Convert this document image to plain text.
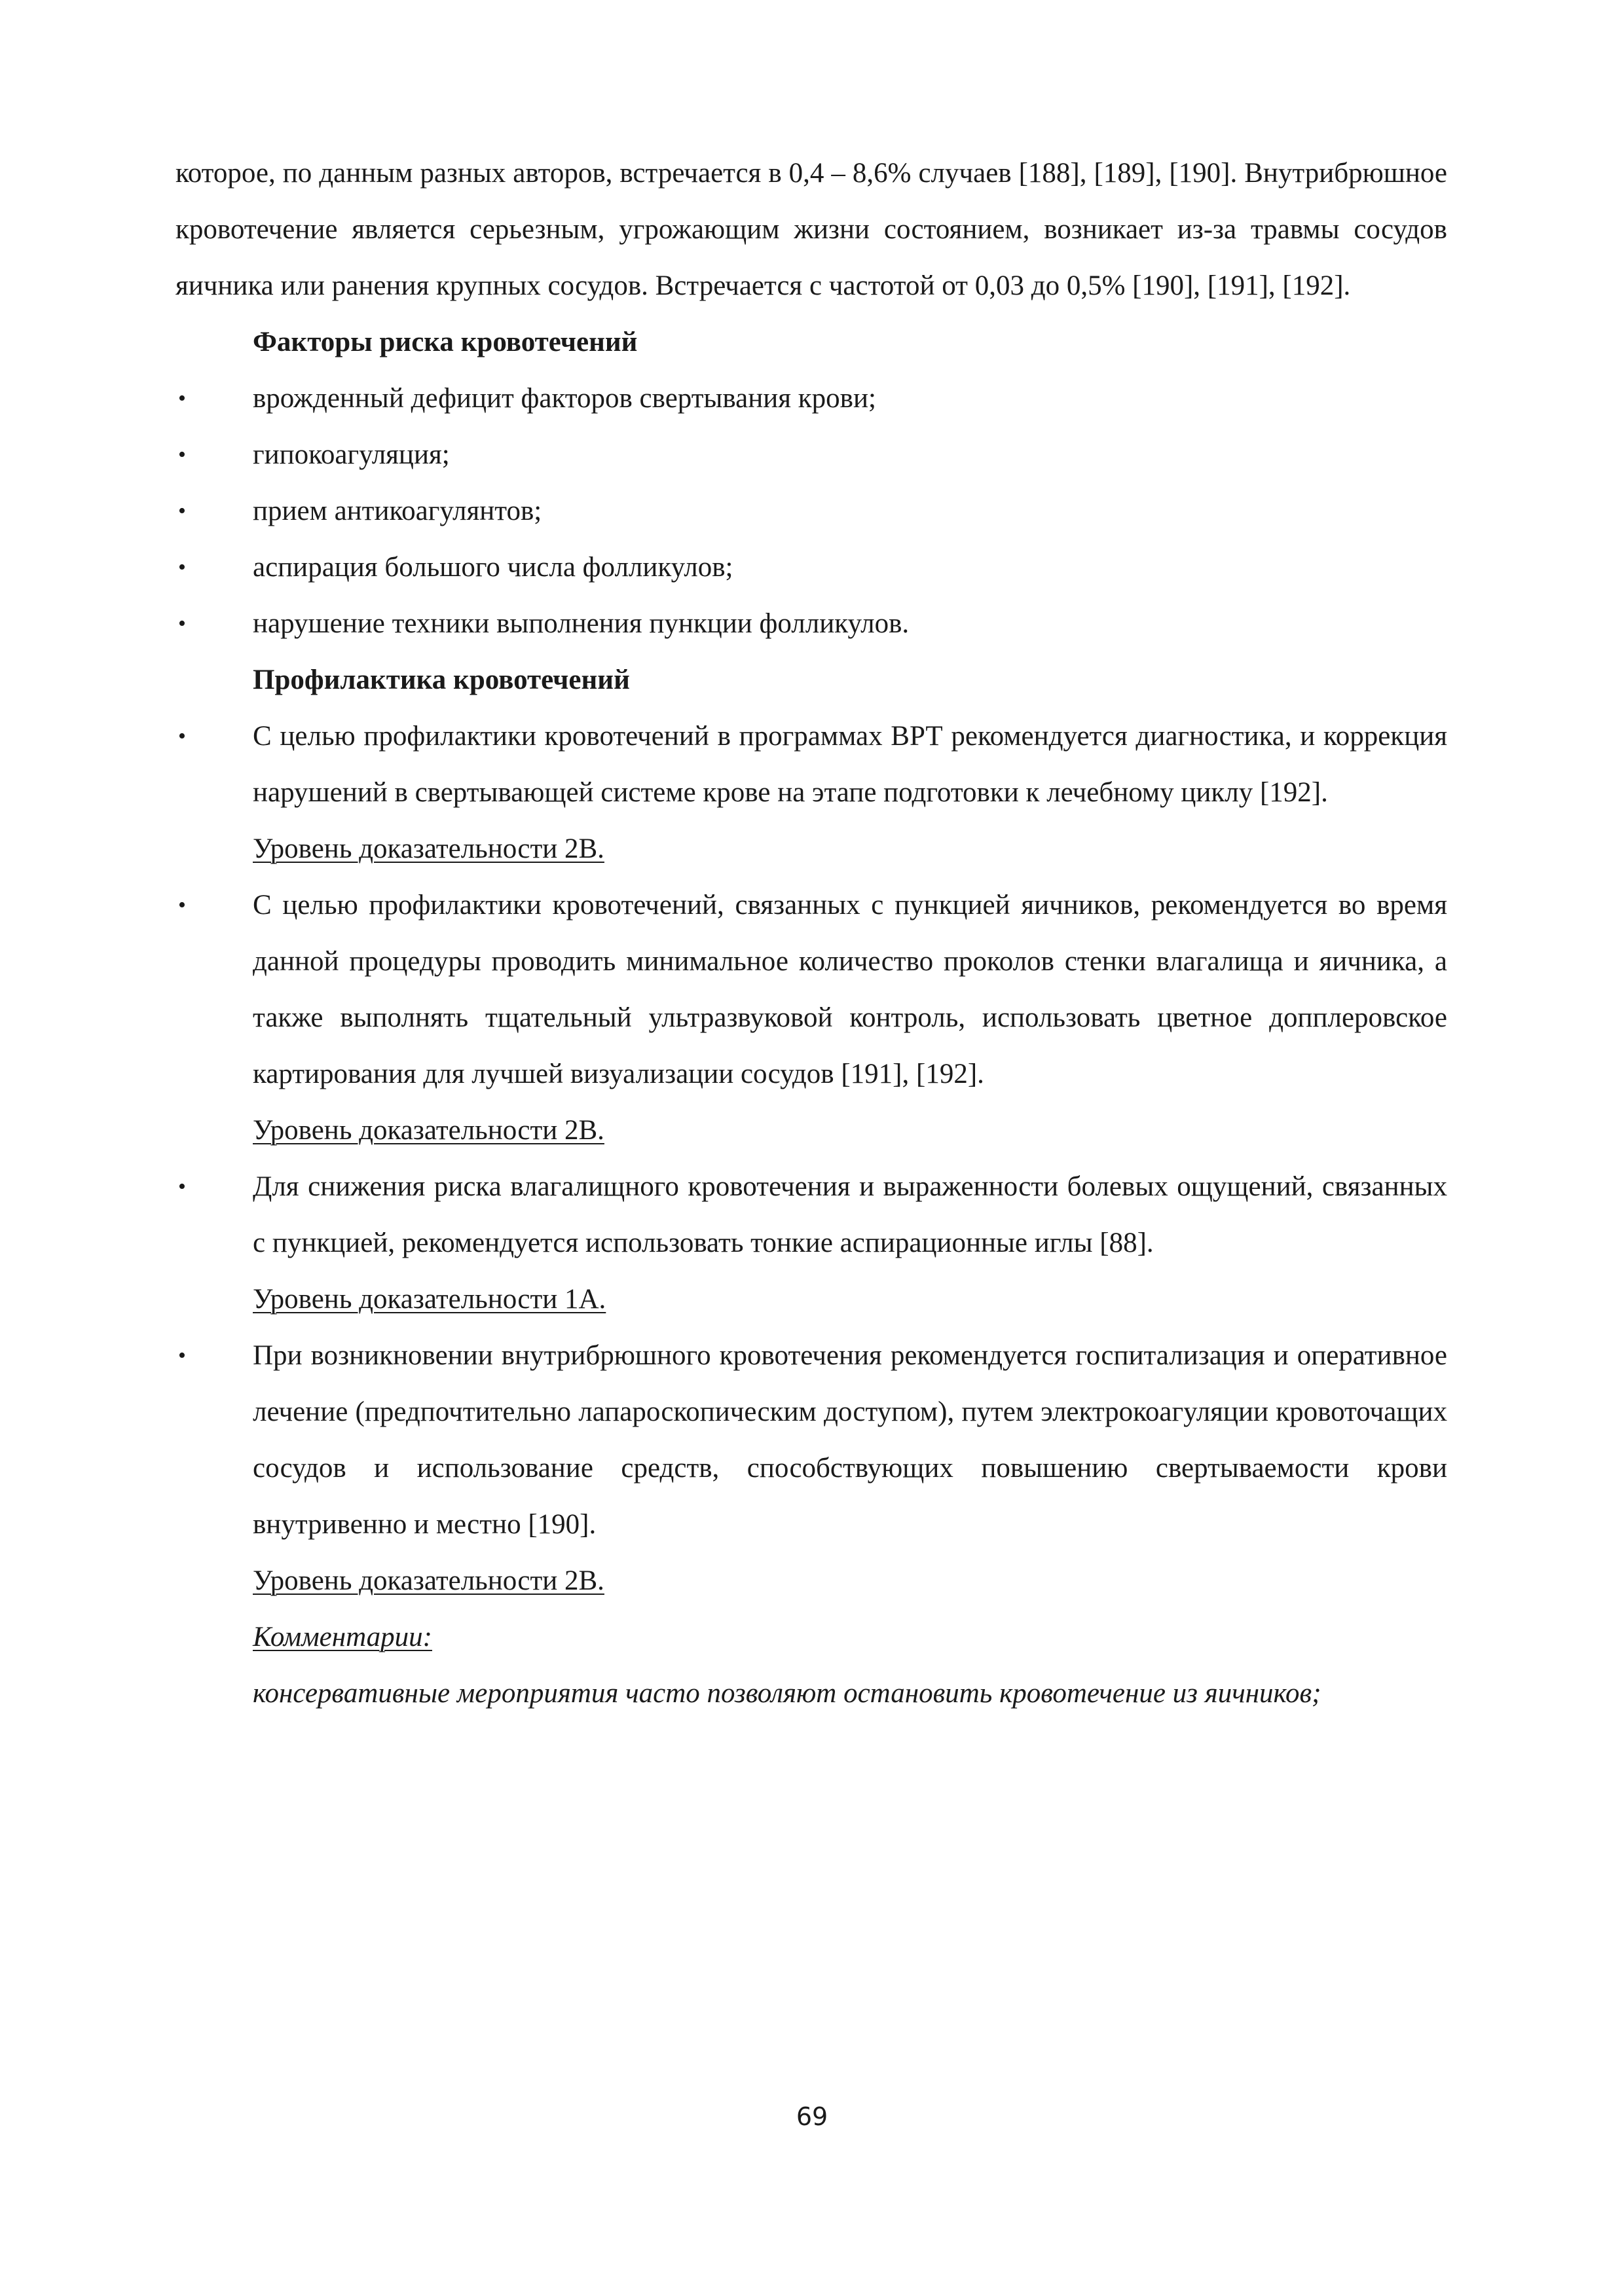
которое, по данным разных авторов, встречается в 0,4 – 8,6% случаев [188], [189], [190]. Внутрибрюшное кровотечение является серьезным, угрожающим жизни состоянием, возникает из-за травмы сосудов яичника или ранения крупных сосудов. Встречается с частотой от 0,03 до 0,5% [190], [191], [192].

Факторы риска кровотечений

• врожденный дефицит факторов свертывания крови;
• гипокоагуляция;
• прием антикоагулянтов;
• аспирация большого числа фолликулов;
• нарушение техники выполнения пункции фолликулов.

Профилактика кровотечений

• С целью профилактики кровотечений в программах ВРТ рекомендуется диагностика, и коррекция нарушений в свертывающей системе крове на этапе подготовки к лечебному циклу [192].

Уровень доказательности 2В.

• С целью профилактики кровотечений, связанных с пункцией яичников, рекомендуется во время данной процедуры проводить минимальное количество проколов стенки влагалища и яичника, а также выполнять тщательный ультразвуковой контроль, использовать цветное допплеровское картирования для лучшей визуализации сосудов [191], [192].

Уровень доказательности 2В.

• Для снижения риска влагалищного кровотечения и выраженности болевых ощущений, связанных с пункцией, рекомендуется использовать тонкие аспирационные иглы [88].

Уровень доказательности 1А.

• При возникновении внутрибрюшного кровотечения рекомендуется госпитализация и оперативное лечение (предпочтительно лапароскопическим доступом), путем электрокоагуляции кровоточащих сосудов и использование средств, способствующих повышению свертываемости крови внутривенно и местно [190].

Уровень доказательности 2В.

Комментарии:

консервативные мероприятия часто позволяют остановить кровотечение из яичников;

69
